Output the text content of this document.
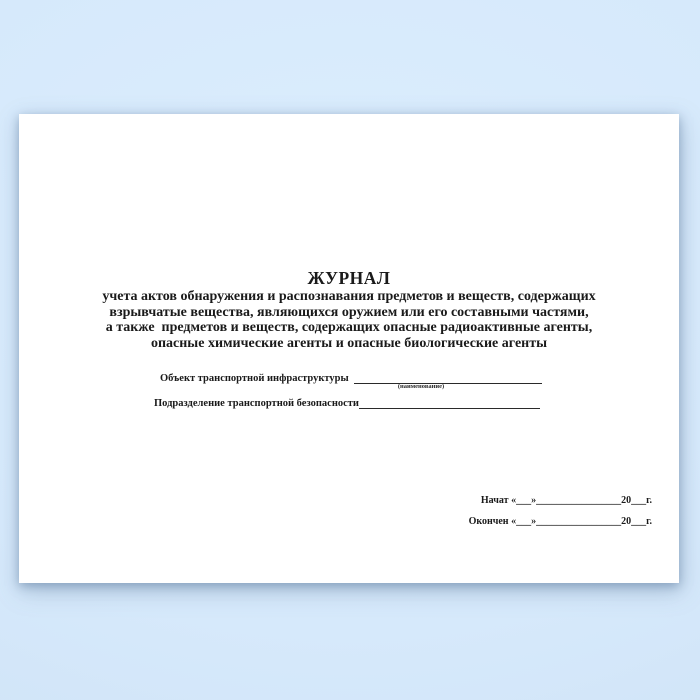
ЖУРНАЛ
учета актов обнаружения и распознавания предметов и веществ, содержащих
взрывчатые вещества, являющихся оружием или его составными частями,
а также  предметов и веществ, содержащих опасные радиоактивные агенты,
опасные химические агенты и опасные биологические агенты
Объект транспортной инфраструктуры
(наименование)
Подразделение транспортной безопасности
Начат «___»_________________20___г.
Окончен «___»_________________20___г.
